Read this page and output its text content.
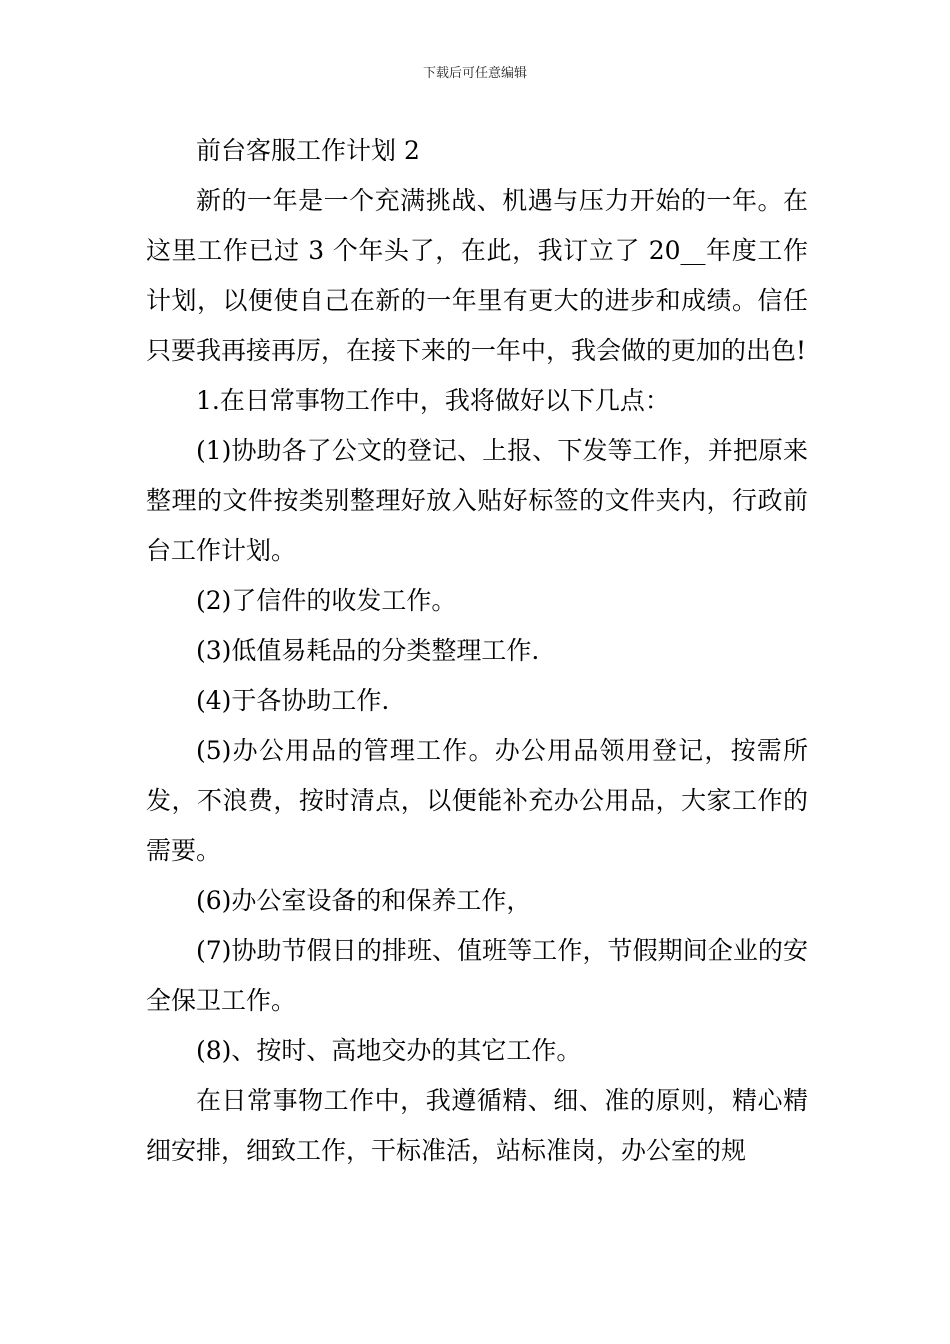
下载后可任意编辑

前台客服工作计划 2

新的一年是一个充满挑战、机遇与压力开始的一年。在这里工作已过 3 个年头了，在此，我订立了 20__年度工作计划，以便使自己在新的一年里有更大的进步和成绩。信任只要我再接再厉，在接下来的一年中，我会做的更加的出色!

1.在日常事物工作中，我将做好以下几点：

(1)协助各了公文的登记、上报、下发等工作，并把原来整理的文件按类别整理好放入贴好标签的文件夹内，行政前台工作计划。

(2)了信件的收发工作。

(3)低值易耗品的分类整理工作.

(4)于各协助工作.

(5)办公用品的管理工作。办公用品领用登记，按需所发，不浪费，按时清点，以便能补充办公用品，大家工作的需要。

(6)办公室设备的和保养工作，

(7)协助节假日的排班、值班等工作，节假期间企业的安全保卫工作。

(8)、按时、高地交办的其它工作。

在日常事物工作中，我遵循精、细、准的原则，精心精细安排，细致工作，干标准活，站标准岗，办公室的规
